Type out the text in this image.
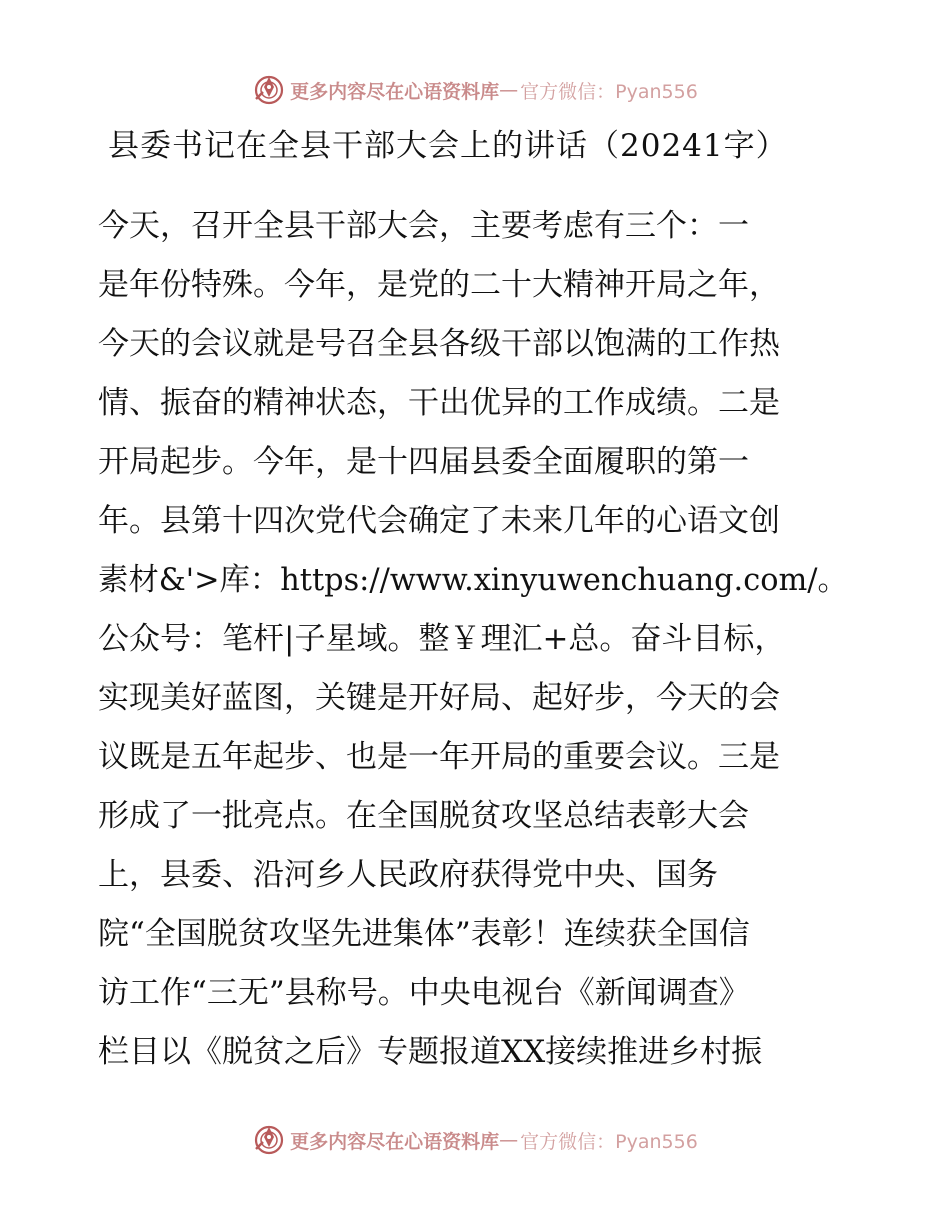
更多内容尽在心语资料库 — 官方微信：Pyan556
县委书记在全县干部大会上的讲话（20241字）
今天，召开全县干部大会，主要考虑有三个：一
是年份特殊。今年，是党的二十大精神开局之年，
今天的会议就是号召全县各级干部以饱满的工作热
情、振奋的精神状态，干出优异的工作成绩。二是
开局起步。今年，是十四届县委全面履职的第一
年。县第十四次党代会确定了未来几年的心语文创
素材&'>库：https://www.xinyuwenchuang.com/。
公众号：笔杆|子星域。整￥理汇+总。奋斗目标，
实现美好蓝图，关键是开好局、起好步，今天的会
议既是五年起步、也是一年开局的重要会议。三是
形成了一批亮点。在全国脱贫攻坚总结表彰大会
上，县委、沿河乡人民政府获得党中央、国务
院“全国脱贫攻坚先进集体”表彰！连续获全国信
访工作“三无”县称号。中央电视台《新闻调查》
栏目以《脱贫之后》专题报道XX接续推进乡村振
更多内容尽在心语资料库 — 官方微信：Pyan556
